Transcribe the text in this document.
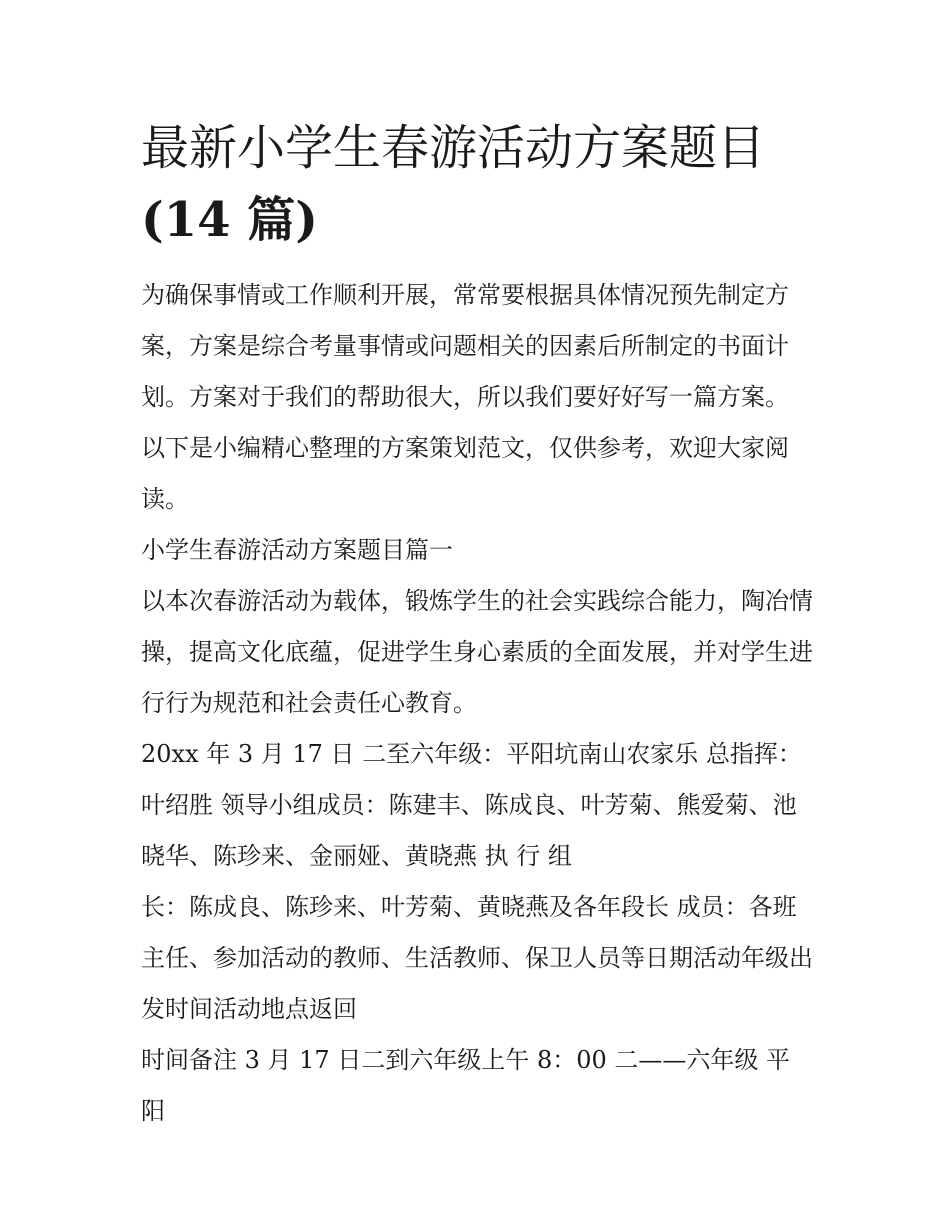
最新小学生春游活动方案题目
(14 篇)

为确保事情或工作顺利开展，常常要根据具体情况预先制定方案，方案是综合考量事情或问题相关的因素后所制定的书面计划。方案对于我们的帮助很大，所以我们要好好写一篇方案。

以下是小编精心整理的方案策划范文，仅供参考，欢迎大家阅读。

小学生春游活动方案题目篇一

以本次春游活动为载体，锻炼学生的社会实践综合能力，陶冶情操，提高文化底蕴，促进学生身心素质的全面发展，并对学生进行行为规范和社会责任心教育。

20xx 年 3 月 17 日 二至六年级：平阳坑南山农家乐 总指挥：叶绍胜 领导小组成员：陈建丰、陈成良、叶芳菊、熊爱菊、池晓华、陈珍来、金丽娅、黄晓燕 执 行 组

长：陈成良、陈珍来、叶芳菊、黄晓燕及各年段长 成员：各班主任、参加活动的教师、生活教师、保卫人员等日期活动年级出发时间活动地点返回

时间备注 3 月 17 日二到六年级上午 8：00 二——六年级 平阳
